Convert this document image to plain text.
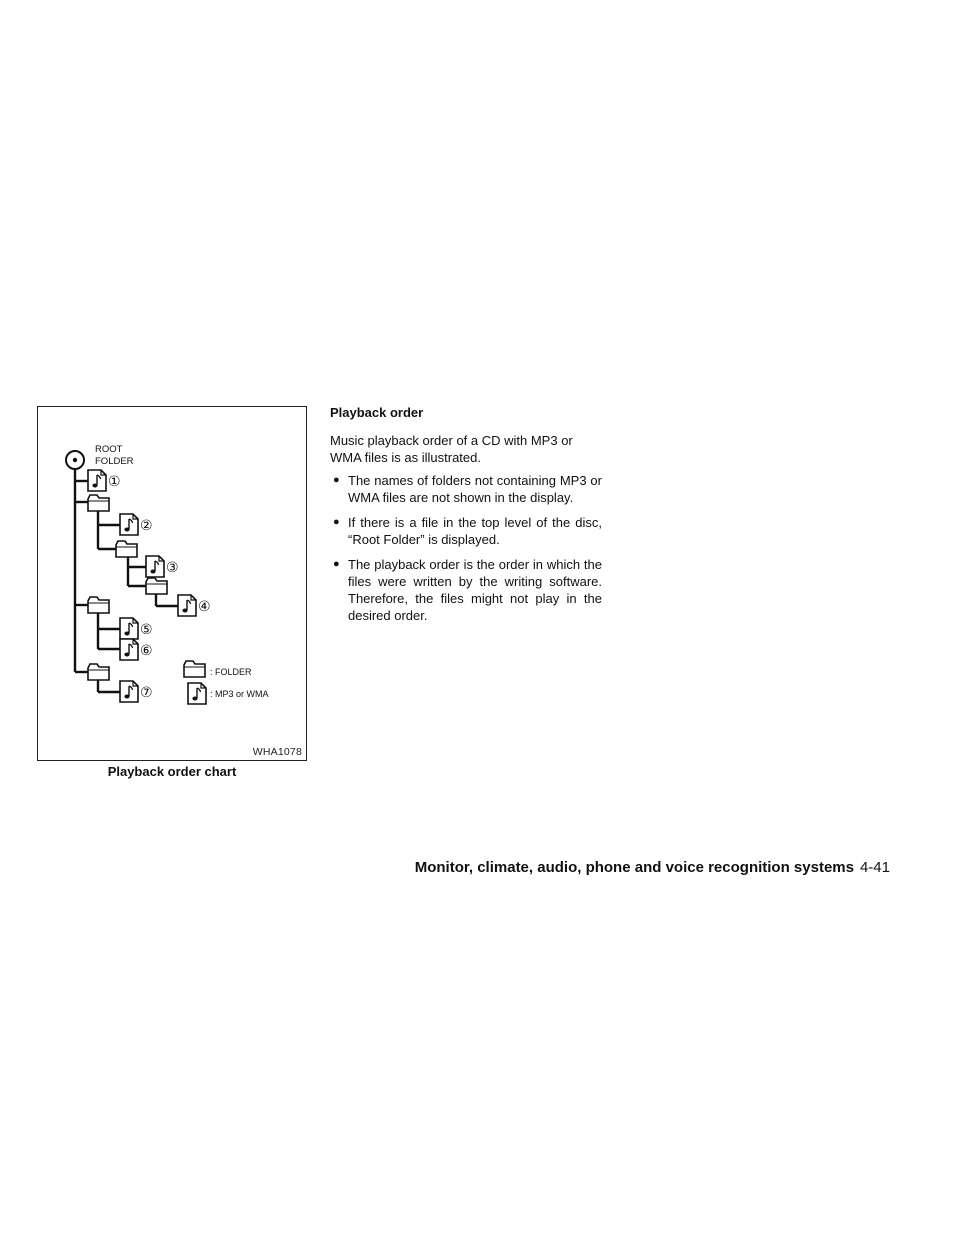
ROOT
FOLDER
①
②
③
④
⑤
⑥
⑦
: FOLDER
: MP3 or WMA
WHA1078
Playback order chart
Playback order
Music playback order of a CD with MP3 or WMA files is as illustrated.
● The names of folders not containing MP3 or WMA files are not shown in the display.
● If there is a file in the top level of the disc, “Root Folder” is displayed.
● The playback order is the order in which the files were written by the writing software. Therefore, the files might not play in the desired order.
Monitor, climate, audio, phone and voice recognition systems 4-41
